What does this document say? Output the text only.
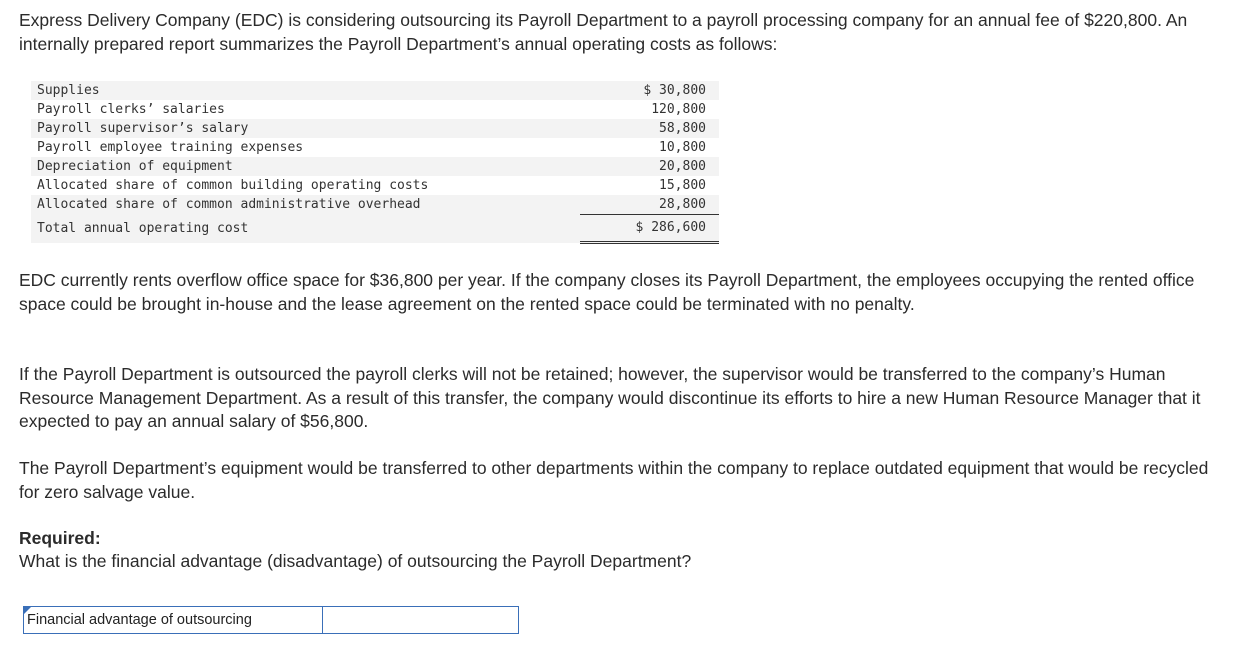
Express Delivery Company (EDC) is considering outsourcing its Payroll Department to a payroll processing company for an annual fee of $220,800. An internally prepared report summarizes the Payroll Department’s annual operating costs as follows:

Supplies		$ 30,800
Payroll clerks’ salaries		120,800
Payroll supervisor’s salary		58,800
Payroll employee training expenses		10,800
Depreciation of equipment		20,800
Allocated share of common building operating costs		15,800
Allocated share of common administrative overhead		28,800
Total annual operating cost		$ 286,600

EDC currently rents overflow office space for $36,800 per year. If the company closes its Payroll Department, the employees occupying the rented office space could be brought in-house and the lease agreement on the rented space could be terminated with no penalty.

If the Payroll Department is outsourced the payroll clerks will not be retained; however, the supervisor would be transferred to the company’s Human Resource Management Department. As a result of this transfer, the company would discontinue its efforts to hire a new Human Resource Manager that it expected to pay an annual salary of $56,800.

The Payroll Department’s equipment would be transferred to other departments within the company to replace outdated equipment that would be recycled for zero salvage value.

Required:
What is the financial advantage (disadvantage) of outsourcing the Payroll Department?
Financial advantage of outsourcing
